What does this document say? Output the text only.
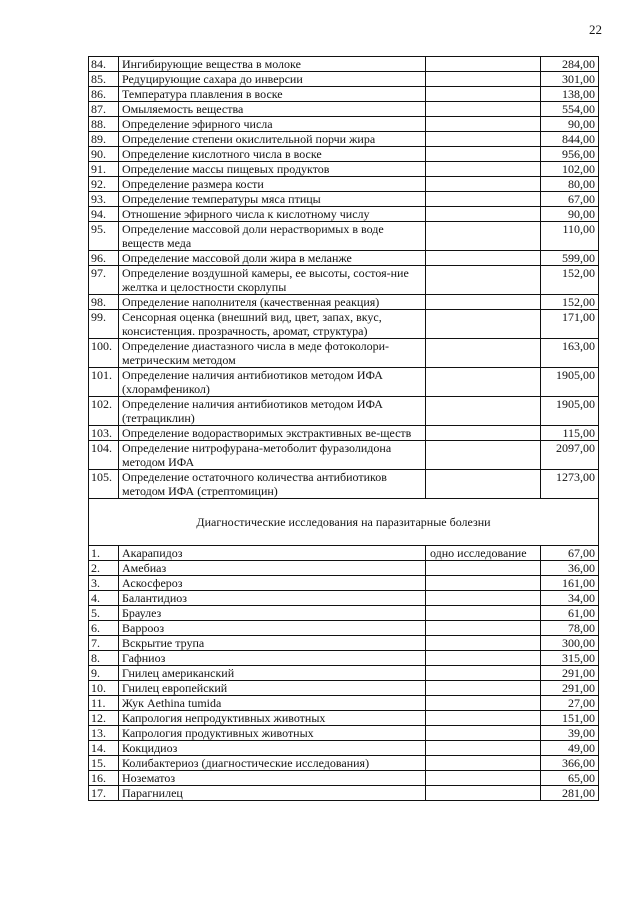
22
84.	Ингибирующие вещества в молоке		284,00
85.	Редуцирующие сахара до инверсии		301,00
86.	Температура плавления в воске		138,00
87.	Омыляемость вещества		554,00
88.	Определение эфирного числа		90,00
89.	Определение степени окислительной порчи жира		844,00
90.	Определение кислотного числа в воске		956,00
91.	Определение массы пищевых продуктов		102,00
92.	Определение размера кости		80,00
93.	Определение температуры мяса птицы		67,00
94.	Отношение эфирного числа к кислотному числу		90,00
95.	Определение массовой доли нерастворимых в воде веществ меда		110,00
96.	Определение массовой доли жира в меланже		599,00
97.	Определение воздушной камеры, ее высоты, состоя-ние желтка и целостности скорлупы		152,00
98.	Определение наполнителя (качественная реакция)		152,00
99.	Сенсорная оценка (внешний вид, цвет, запах, вкус, консистенция. прозрачность, аромат, структура)		171,00
100.	Определение диастазного числа в меде фотоколори-метрическим методом		163,00
101.	Определение наличия антибиотиков методом ИФА (хлорамфеникол)		1905,00
102.	Определение наличия антибиотиков методом ИФА (тетрациклин)		1905,00
103.	Определение водорастворимых экстрактивных ве-ществ		115,00
104.	Определение нитрофурана-метоболит фуразолидона методом ИФА		2097,00
105.	Определение остаточного количества антибиотиков методом ИФА (стрептомицин)		1273,00
Диагностические исследования на паразитарные болезни			
1.	Акарапидоз	одно исследование	67,00
2.	Амебиаз		36,00
3.	Аскосфероз		161,00
4.	Балантидиоз		34,00
5.	Браулез		61,00
6.	Варрооз		78,00
7.	Вскрытие трупа		300,00
8.	Гафниоз		315,00
9.	Гнилец американский		291,00
10.	Гнилец европейский		291,00
11.	Жук Aethina tumida		27,00
12.	Капрология непродуктивных животных		151,00
13.	Капрология продуктивных животных		39,00
14.	Кокцидиоз		49,00
15.	Колибактериоз (диагностические исследования)		366,00
16.	Нозематоз		65,00
17.	Парагнилец		281,00
